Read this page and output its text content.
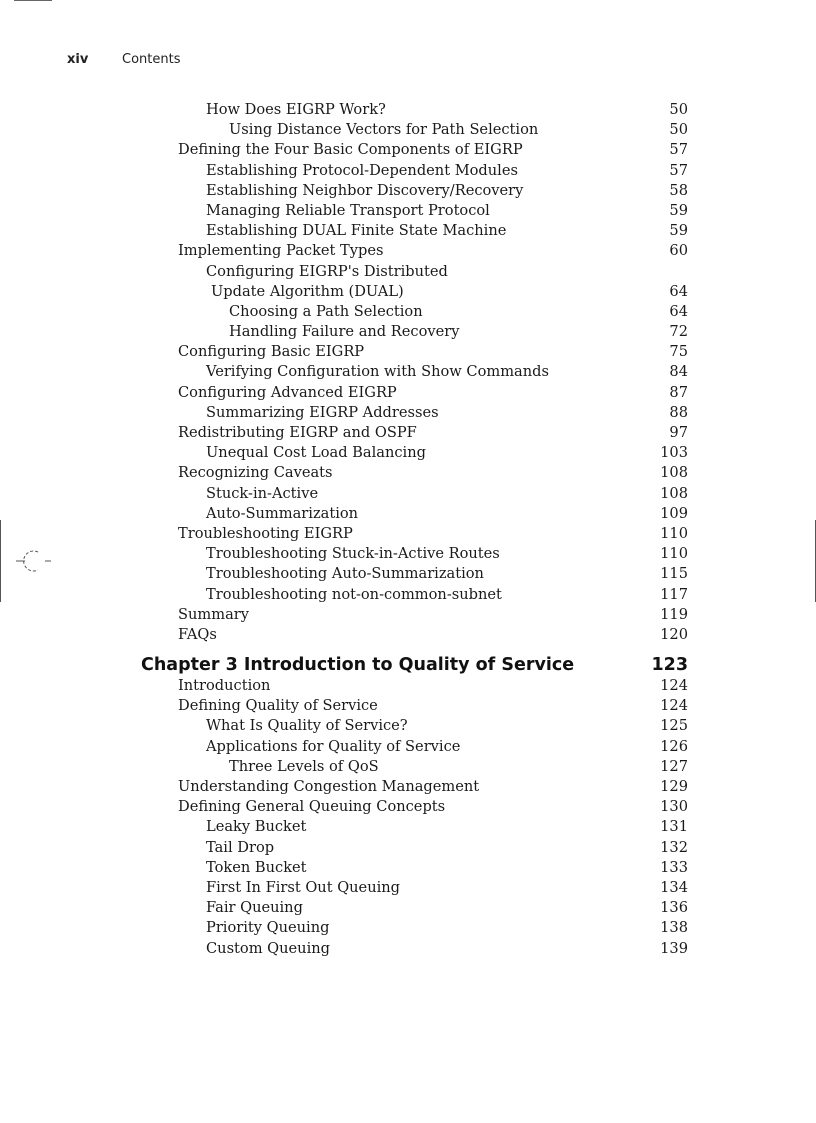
xiv	Contents
How Does EIGRP Work?	50
Using Distance Vectors for Path Selection	50
Defining the Four Basic Components of EIGRP	57
Establishing Protocol-Dependent Modules	57
Establishing Neighbor Discovery/Recovery	58
Managing Reliable Transport Protocol	59
Establishing DUAL Finite State Machine	59
Implementing Packet Types	60
Configuring EIGRP's Distributed
Update Algorithm (DUAL)	64
Choosing a Path Selection	64
Handling Failure and Recovery	72
Configuring Basic EIGRP	75
Verifying Configuration with Show Commands	84
Configuring Advanced EIGRP	87
Summarizing EIGRP Addresses	88
Redistributing EIGRP and OSPF	97
Unequal Cost Load Balancing	103
Recognizing Caveats	108
Stuck-in-Active	108
Auto-Summarization	109
Troubleshooting EIGRP	110
Troubleshooting Stuck-in-Active Routes	110
Troubleshooting Auto-Summarization	115
Troubleshooting not-on-common-subnet	117
Summary	119
FAQs	120
Chapter 3 Introduction to Quality of Service	123
Introduction	124
Defining Quality of Service	124
What Is Quality of Service?	125
Applications for Quality of Service	126
Three Levels of QoS	127
Understanding Congestion Management	129
Defining General Queuing Concepts	130
Leaky Bucket	131
Tail Drop	132
Token Bucket	133
First In First Out Queuing	134
Fair Queuing	136
Priority Queuing	138
Custom Queuing	139
